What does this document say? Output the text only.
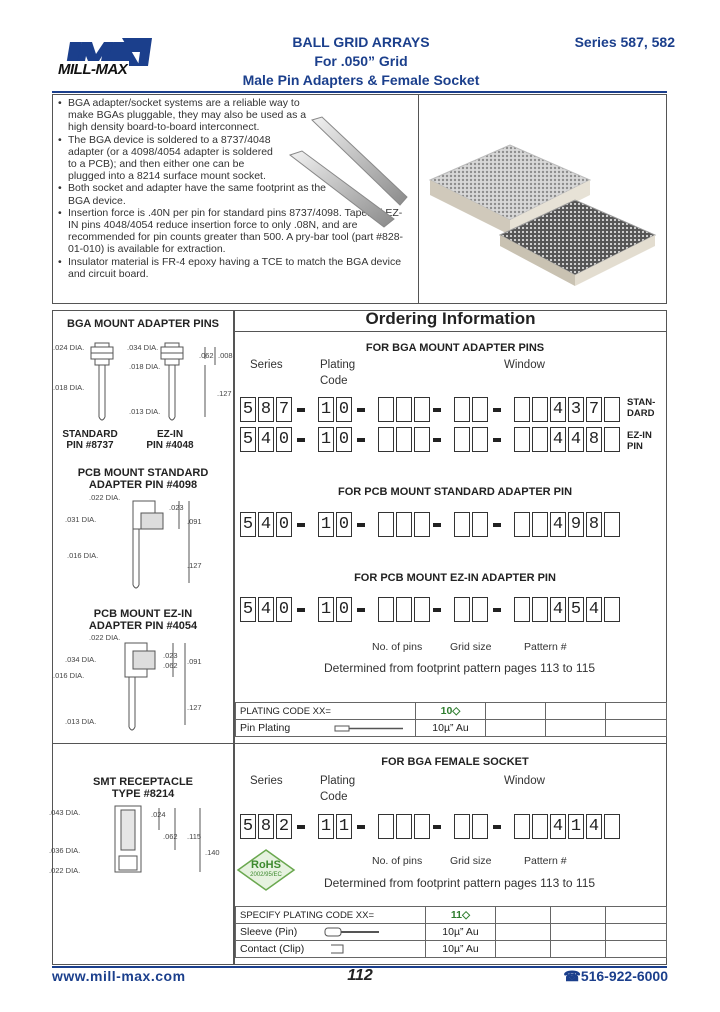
MILL-MAX
BALL GRID ARRAYS
For .050” Grid
Male Pin Adapters & Female Socket
Series 587, 582
• BGA adapter/socket systems are a reliable way to make BGAs pluggable, they may also be used as a high density board-to-board interconnect.
• The BGA device is soldered to a 8737/4048 adapter (or a 4098/4054 adapter is soldered to a PCB); and then either one can be plugged into a 8214 surface mount socket.
• Both socket and adapter have the same footprint as the BGA device.
• Insertion force is .40N per pin for standard pins 8737/4098. Tapered EZ-IN pins 4048/4054 reduce insertion force to only .08N, and are recommended for pin counts greater than 500. A pry-bar tool (part #828-01-010) is available for extraction.
• Insulator material is FR-4 epoxy having a TCE to match the BGA device and circuit board.
BGA MOUNT ADAPTER PINS
.024 DIA.	.034 DIA.
.018 DIA.
.018 DIA.
.013 DIA.
.062 .008
.127
STANDARD
PIN #8737
EZ-IN
PIN #4048
PCB MOUNT STANDARD
ADAPTER PIN #4098
.022 DIA.
.031 DIA.
.016 DIA.
.023
.091
.127
PCB MOUNT EZ-IN
ADAPTER PIN #4054
.022 DIA.
.034 DIA.
.016 DIA.
.013 DIA.
.023
.062 .091
.127
Ordering Information
FOR BGA MOUNT ADAPTER PINS
Series	Plating
Code
Window
5 8 7 1 0	4 3 7
5 4 0 1 0	4 4 8
5 4 0 1 0	4 9 8
5 4 0 1 0	4 5 4
5 8 2 1 1	4 1 4
STAN-
DARD
EZ-IN
PIN
FOR PCB MOUNT STANDARD ADAPTER PIN
FOR PCB MOUNT EZ-IN ADAPTER PIN
No. of pins	Grid size	Pattern #
Determined from footprint pattern pages 113 to 115
PLATING CODE XX=	10◇			
Pin Plating	10µ” Au			
SMT RECEPTACLE
TYPE #8214
.043 DIA.
.036 DIA.
.022 DIA.
.024
.062 .115
.140
RoHS
2002/95/EC
FOR BGA FEMALE SOCKET
Series	Plating
Code
Window
No. of pins	Grid size	Pattern #
Determined from footprint pattern pages 113 to 115
SPECIFY PLATING CODE XX=	11◇			
Sleeve (Pin)	10µ” Au			
Contact (Clip)	10µ” Au			
www.mill-max.com	112	☎516-922-6000
